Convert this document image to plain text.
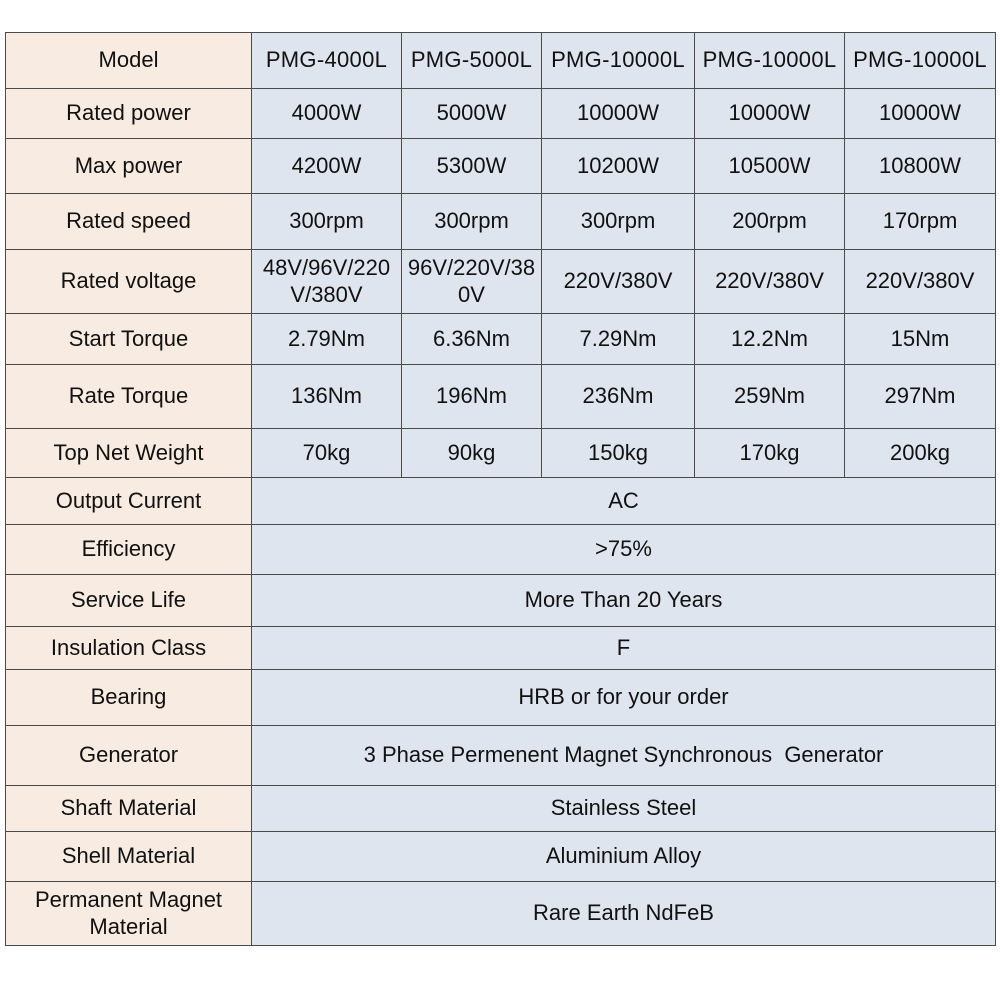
Model	PMG-4000L	PMG-5000L	PMG-10000L	PMG-10000L	PMG-10000L
Rated power	4000W	5000W	10000W	10000W	10000W
Max power	4200W	5300W	10200W	10500W	10800W
Rated speed	300rpm	300rpm	300rpm	200rpm	170rpm
Rated voltage	48V/96V/220V/380V	96V/220V/380V	220V/380V	220V/380V	220V/380V
Start Torque	2.79Nm	6.36Nm	7.29Nm	12.2Nm	15Nm
Rate Torque	136Nm	196Nm	236Nm	259Nm	297Nm
Top Net Weight	70kg	90kg	150kg	170kg	200kg
Output Current	AC				
Efficiency	>75%				
Service Life	More Than 20 Years				
Insulation Class	F				
Bearing	HRB or for your order				
Generator	3 Phase Permenent Magnet Synchronous  Generator				
Shaft Material	Stainless Steel				
Shell Material	Aluminium Alloy				
Permanent Magnet Material	Rare Earth NdFeB				
